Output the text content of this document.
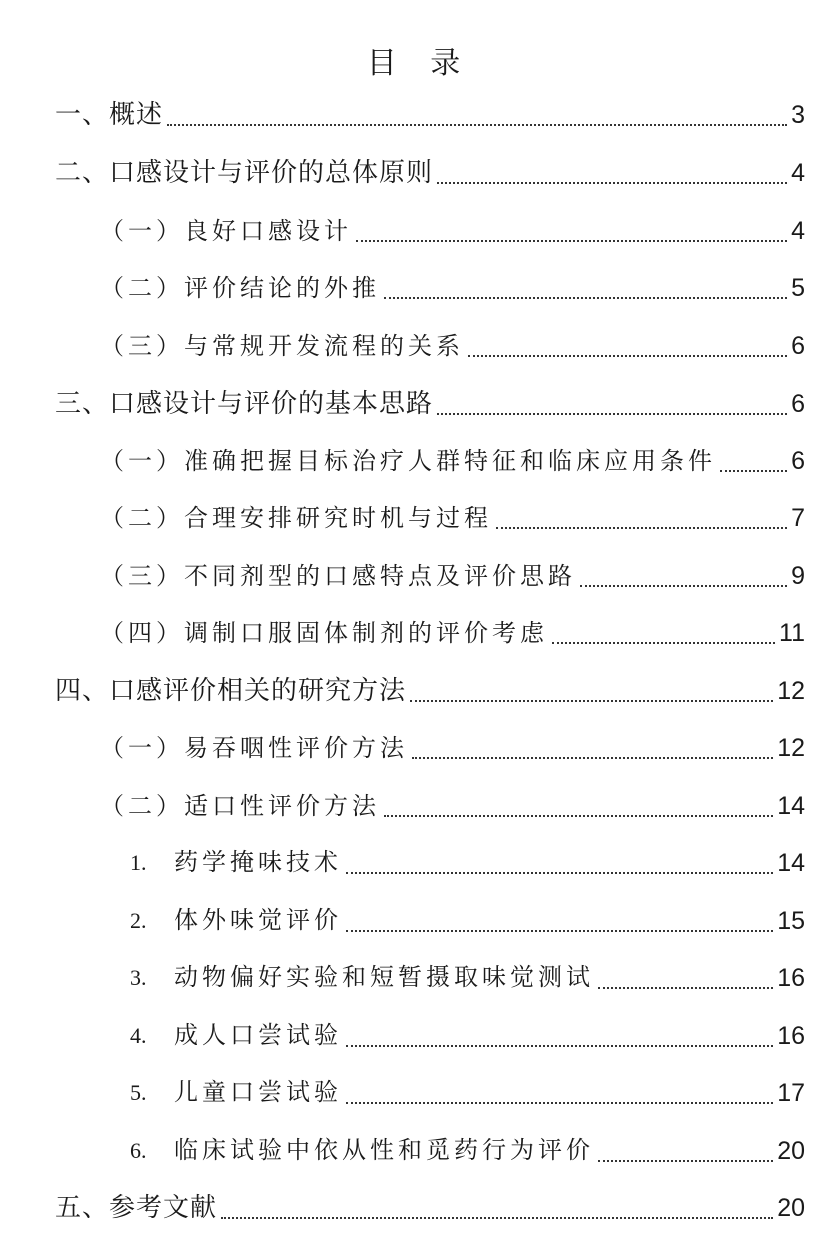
目 录
一、概述	3
二、口感设计与评价的总体原则	4
（一）良好口感设计	4
（二）评价结论的外推	5
（三）与常规开发流程的关系	6
三、口感设计与评价的基本思路	6
（一）准确把握目标治疗人群特征和临床应用条件	6
（二）合理安排研究时机与过程	7
（三）不同剂型的口感特点及评价思路	9
（四）调制口服固体制剂的评价考虑	11
四、口感评价相关的研究方法	12
（一）易吞咽性评价方法	12
（二）适口性评价方法	14
1. 药学掩味技术	14
2. 体外味觉评价	15
3. 动物偏好实验和短暂摄取味觉测试	16
4. 成人口尝试验	16
5. 儿童口尝试验	17
6. 临床试验中依从性和觅药行为评价	20
五、参考文献	20
